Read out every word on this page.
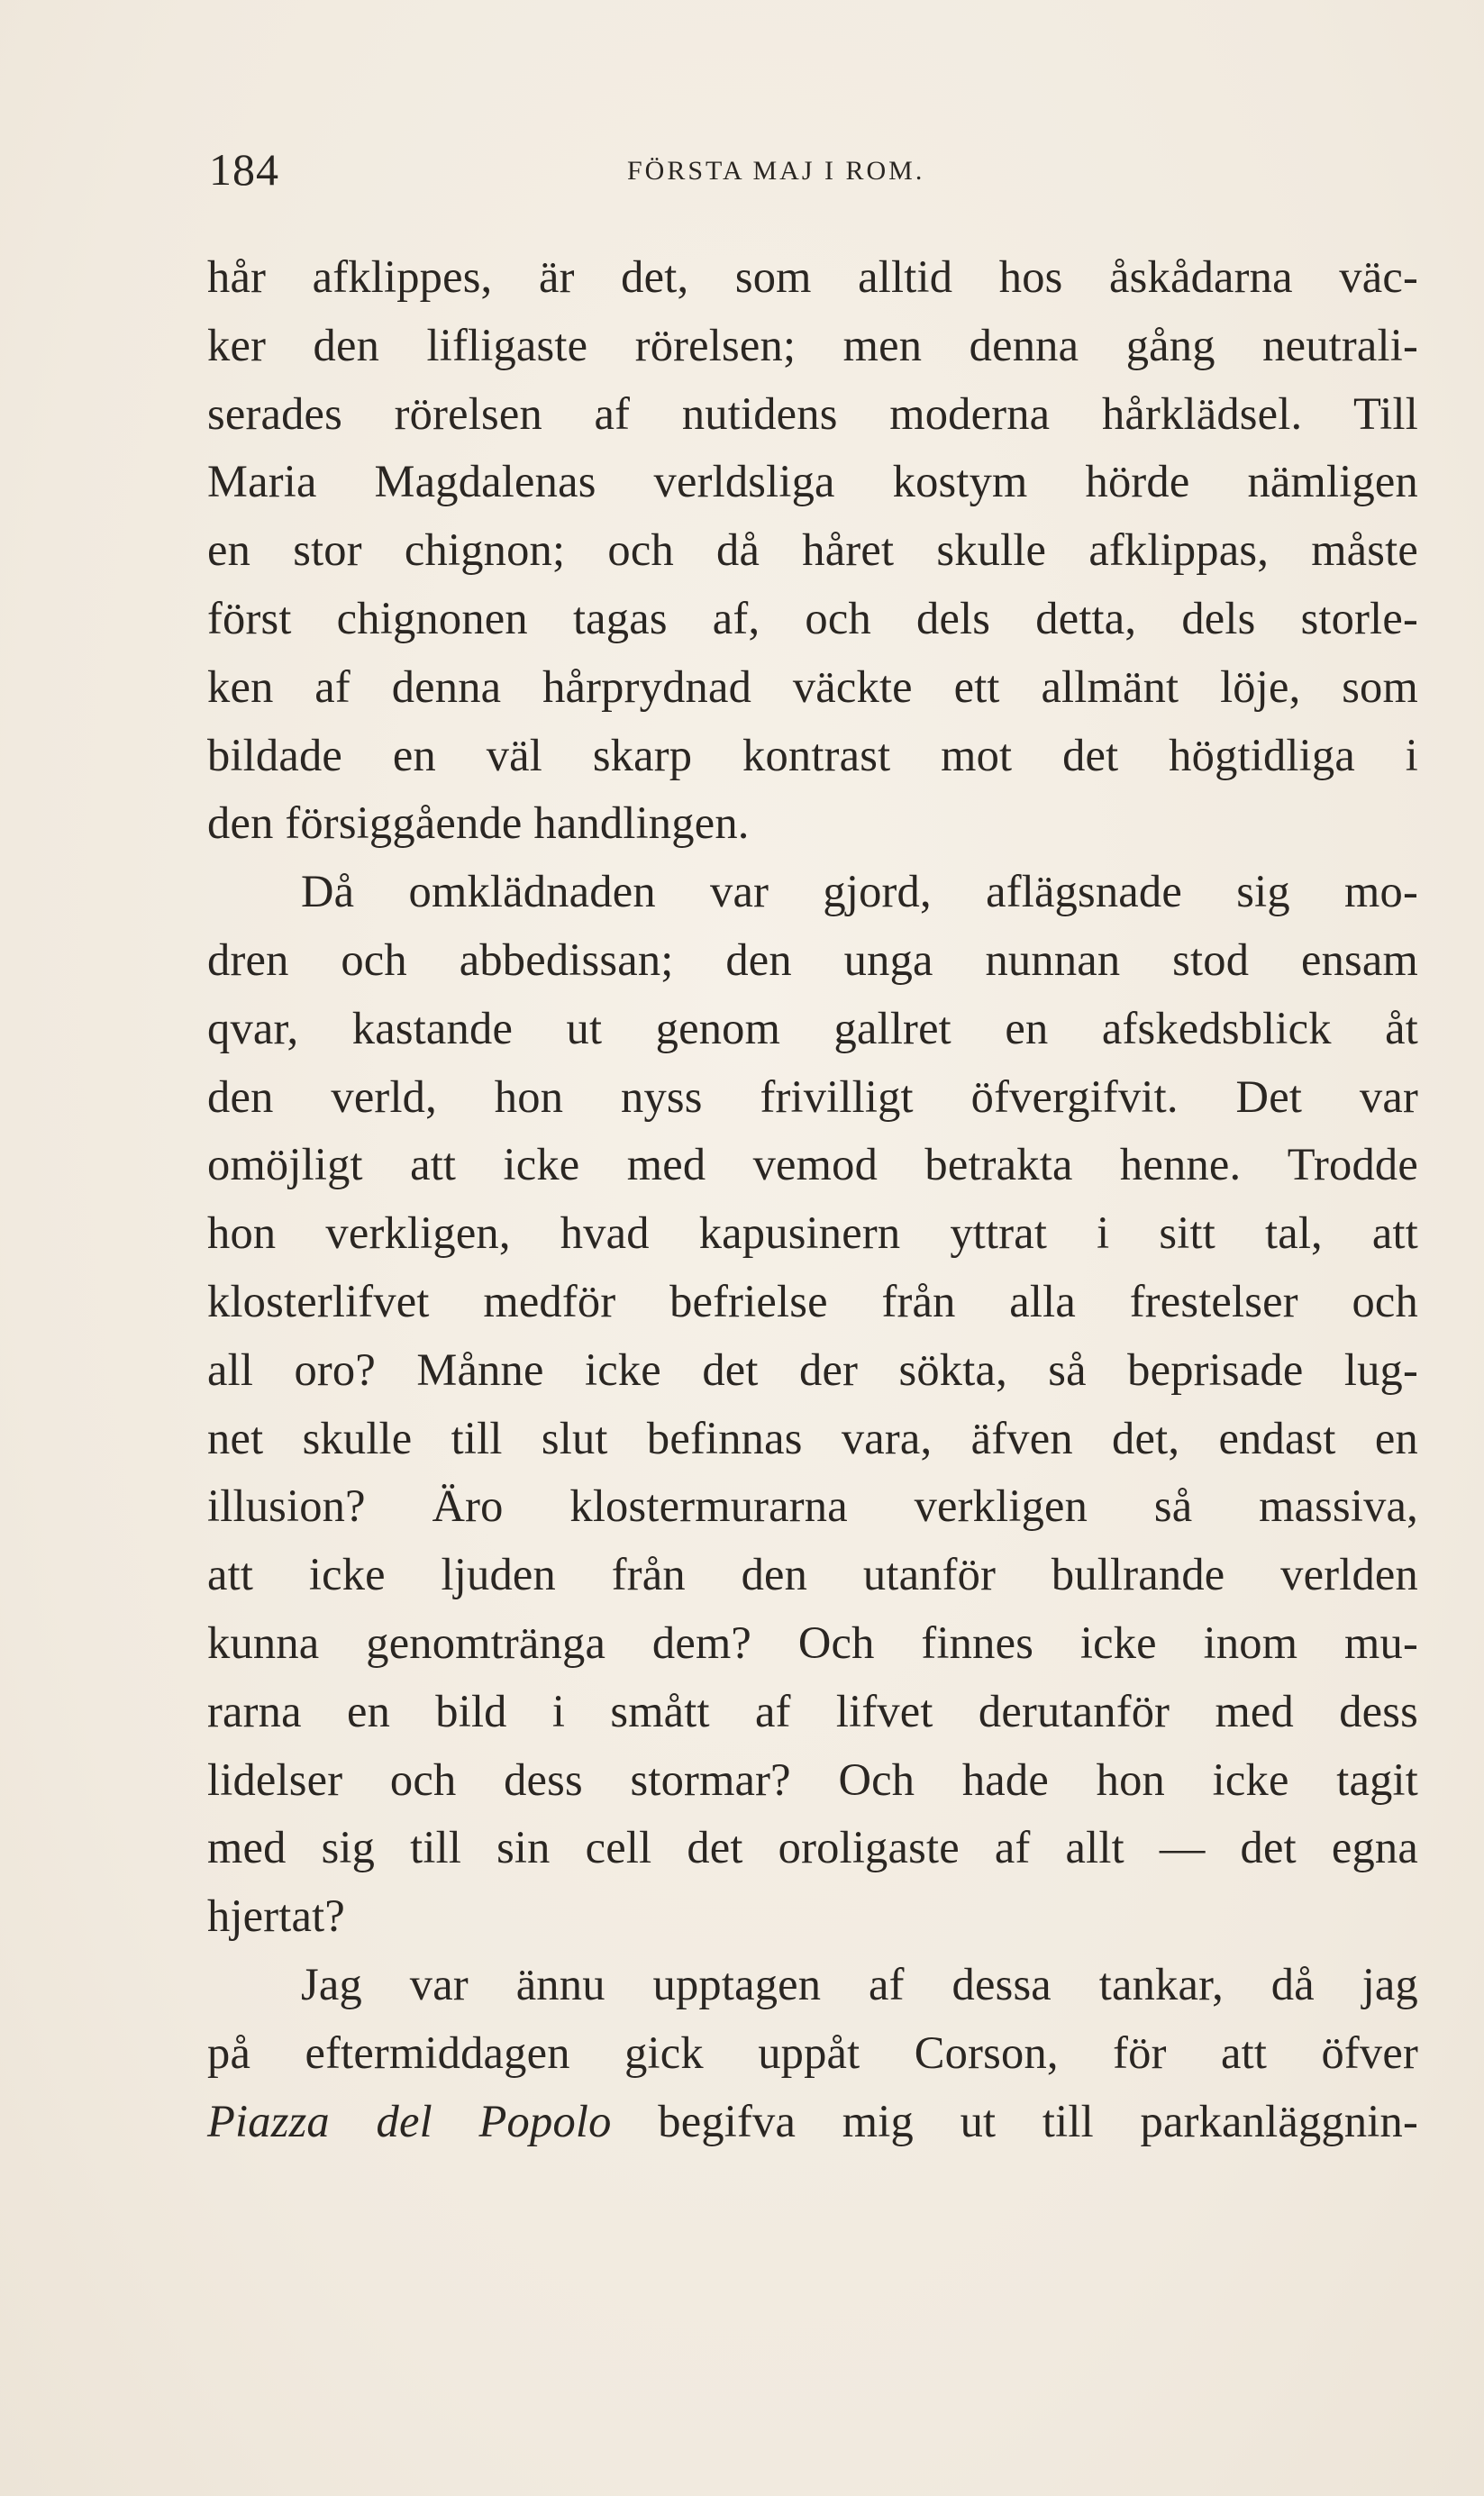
184	FÖRSTA MAJ I ROM.
hår afklippes, är det, som alltid hos åskådarna väc-
ker den lifligaste rörelsen; men denna gång neutrali-
serades rörelsen af nutidens moderna hårklädsel. Till
Maria Magdalenas verldsliga kostym hörde nämligen
en stor chignon; och då håret skulle afklippas, måste
först chignonen tagas af, och dels detta, dels storle-
ken af denna hårprydnad väckte ett allmänt löje, som
bildade en väl skarp kontrast mot det högtidliga i
den försiggående handlingen.
Då omklädnaden var gjord, aflägsnade sig mo-
dren och abbedissan; den unga nunnan stod ensam
qvar, kastande ut genom gallret en afskedsblick åt
den verld, hon nyss frivilligt öfvergifvit. Det var
omöjligt att icke med vemod betrakta henne. Trodde
hon verkligen, hvad kapusinern yttrat i sitt tal, att
klosterlifvet medför befrielse från alla frestelser och
all oro? Månne icke det der sökta, så beprisade lug-
net skulle till slut befinnas vara, äfven det, endast en
illusion? Äro klostermurarna verkligen så massiva,
att icke ljuden från den utanför bullrande verlden
kunna genomtränga dem? Och finnes icke inom mu-
rarna en bild i smått af lifvet derutanför med dess
lidelser och dess stormar? Och hade hon icke tagit
med sig till sin cell det oroligaste af allt — det egna
hjertat?
Jag var ännu upptagen af dessa tankar, då jag
på eftermiddagen gick uppåt Corson, för att öfver
Piazza del Popolo begifva mig ut till parkanläggnin-
